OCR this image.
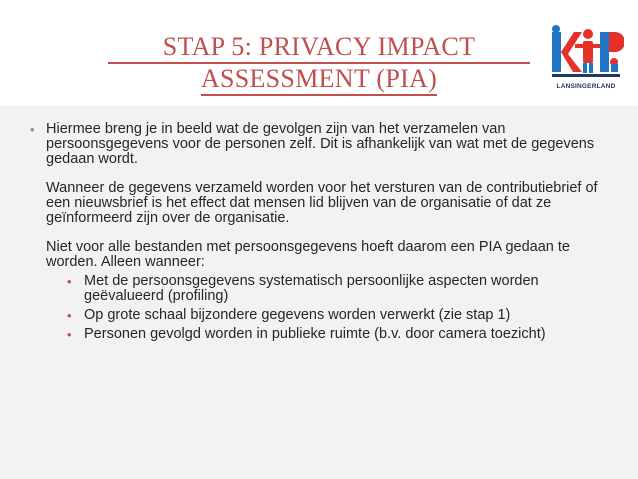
STAP 5: PRIVACY IMPACT
ASSESSMENT (PIA)	LANSINGERLAND
• Hiermee breng je in beeld wat de gevolgen zijn van het verzamelen van persoonsgegevens voor de personen zelf. Dit is afhankelijk van wat met de gegevens gedaan wordt.

Wanneer de gegevens verzameld worden voor het versturen van de contributiebrief of een nieuwsbrief is het effect dat mensen lid blijven van de organisatie of dat ze geïnformeerd zijn over de organisatie.

Niet voor alle bestanden met persoonsgegevens hoeft daarom een PIA gedaan te worden. Alleen wanneer:

• Met de persoonsgegevens systematisch persoonlijke aspecten worden geëvalueerd (profiling)
• Op grote schaal bijzondere gegevens worden verwerkt (zie stap 1)
• Personen gevolgd worden in publieke ruimte (b.v. door camera toezicht)
